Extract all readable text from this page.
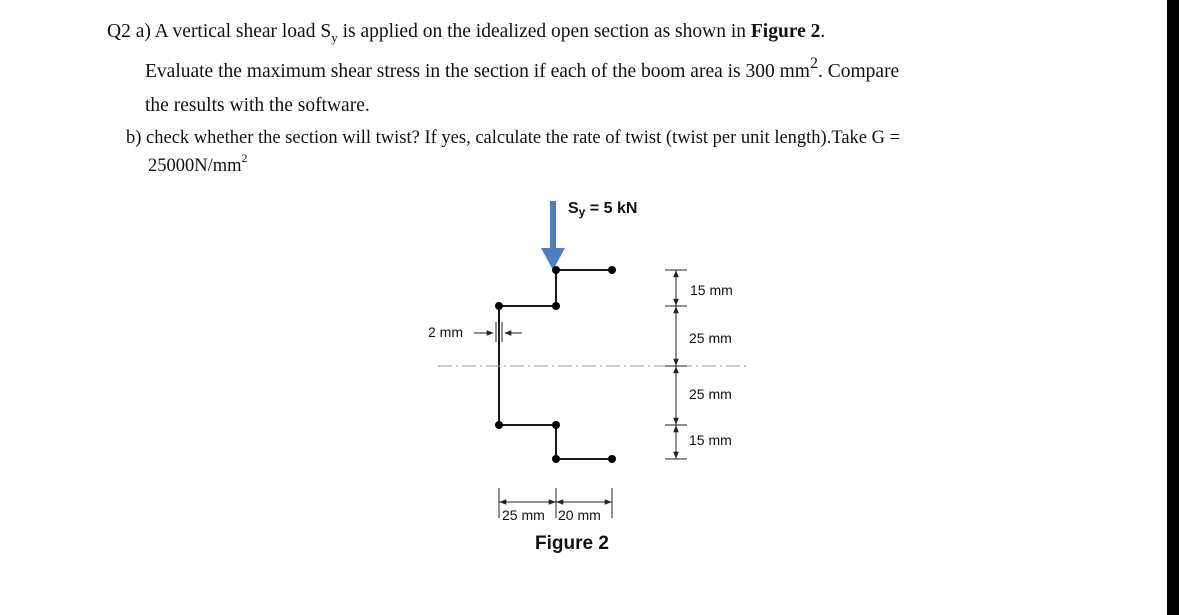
Q2 a) A vertical shear load $S_y$ is applied on the idealized open section as shown in Figure 2.
Evaluate the maximum shear stress in the section if each of the boom area is 300 $mm^2$. Compare
the results with the software.
b) check whether the section will twist? If yes, calculate the rate of twist (twist per unit length).Take G =
$25000N/mm^2$
Sy = 5 kN
2 mm
15 mm
25 mm
25 mm
15 mm
25 mm 20 mm
Figure 2
